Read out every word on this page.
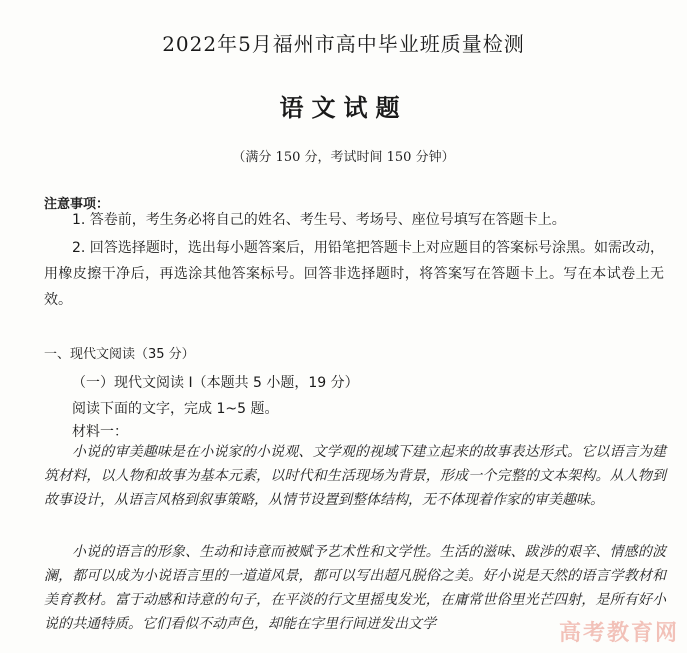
2022年5月福州市高中毕业班质量检测
语文试题
（满分 150 分，考试时间 150 分钟）
注意事项：
1. 答卷前，考生务必将自己的姓名、考生号、考场号、座位号填写在答题卡上。
2. 回答选择题时，选出每小题答案后，用铅笔把答题卡上对应题目的答案标号涂黑。如需改动，用橡皮擦干净后，再选涂其他答案标号。回答非选择题时，将答案写在答题卡上。写在本试卷上无效。
一、现代文阅读（35 分）
（一）现代文阅读 I（本题共 5 小题，19 分）
阅读下面的文字，完成 1~5 题。
材料一：
小说的审美趣味是在小说家的小说观、文学观的视域下建立起来的故事表达形式。它以语言为建筑材料，以人物和故事为基本元素，以时代和生活现场为背景，形成一个完整的文本架构。从人物到故事设计，从语言风格到叙事策略，从情节设置到整体结构，无不体现着作家的审美趣味。
小说的语言的形象、生动和诗意而被赋予艺术性和文学性。生活的滋味、跋涉的艰辛、情感的波澜，都可以成为小说语言里的一道道风景，都可以写出超凡脱俗之美。好小说是天然的语言学教材和美育教材。富于动感和诗意的句子，在平淡的行文里摇曳发光，在庸常世俗里光芒四射，是所有好小说的共通特质。它们看似不动声色，却能在字里行间迸发出文学	高考教育网
